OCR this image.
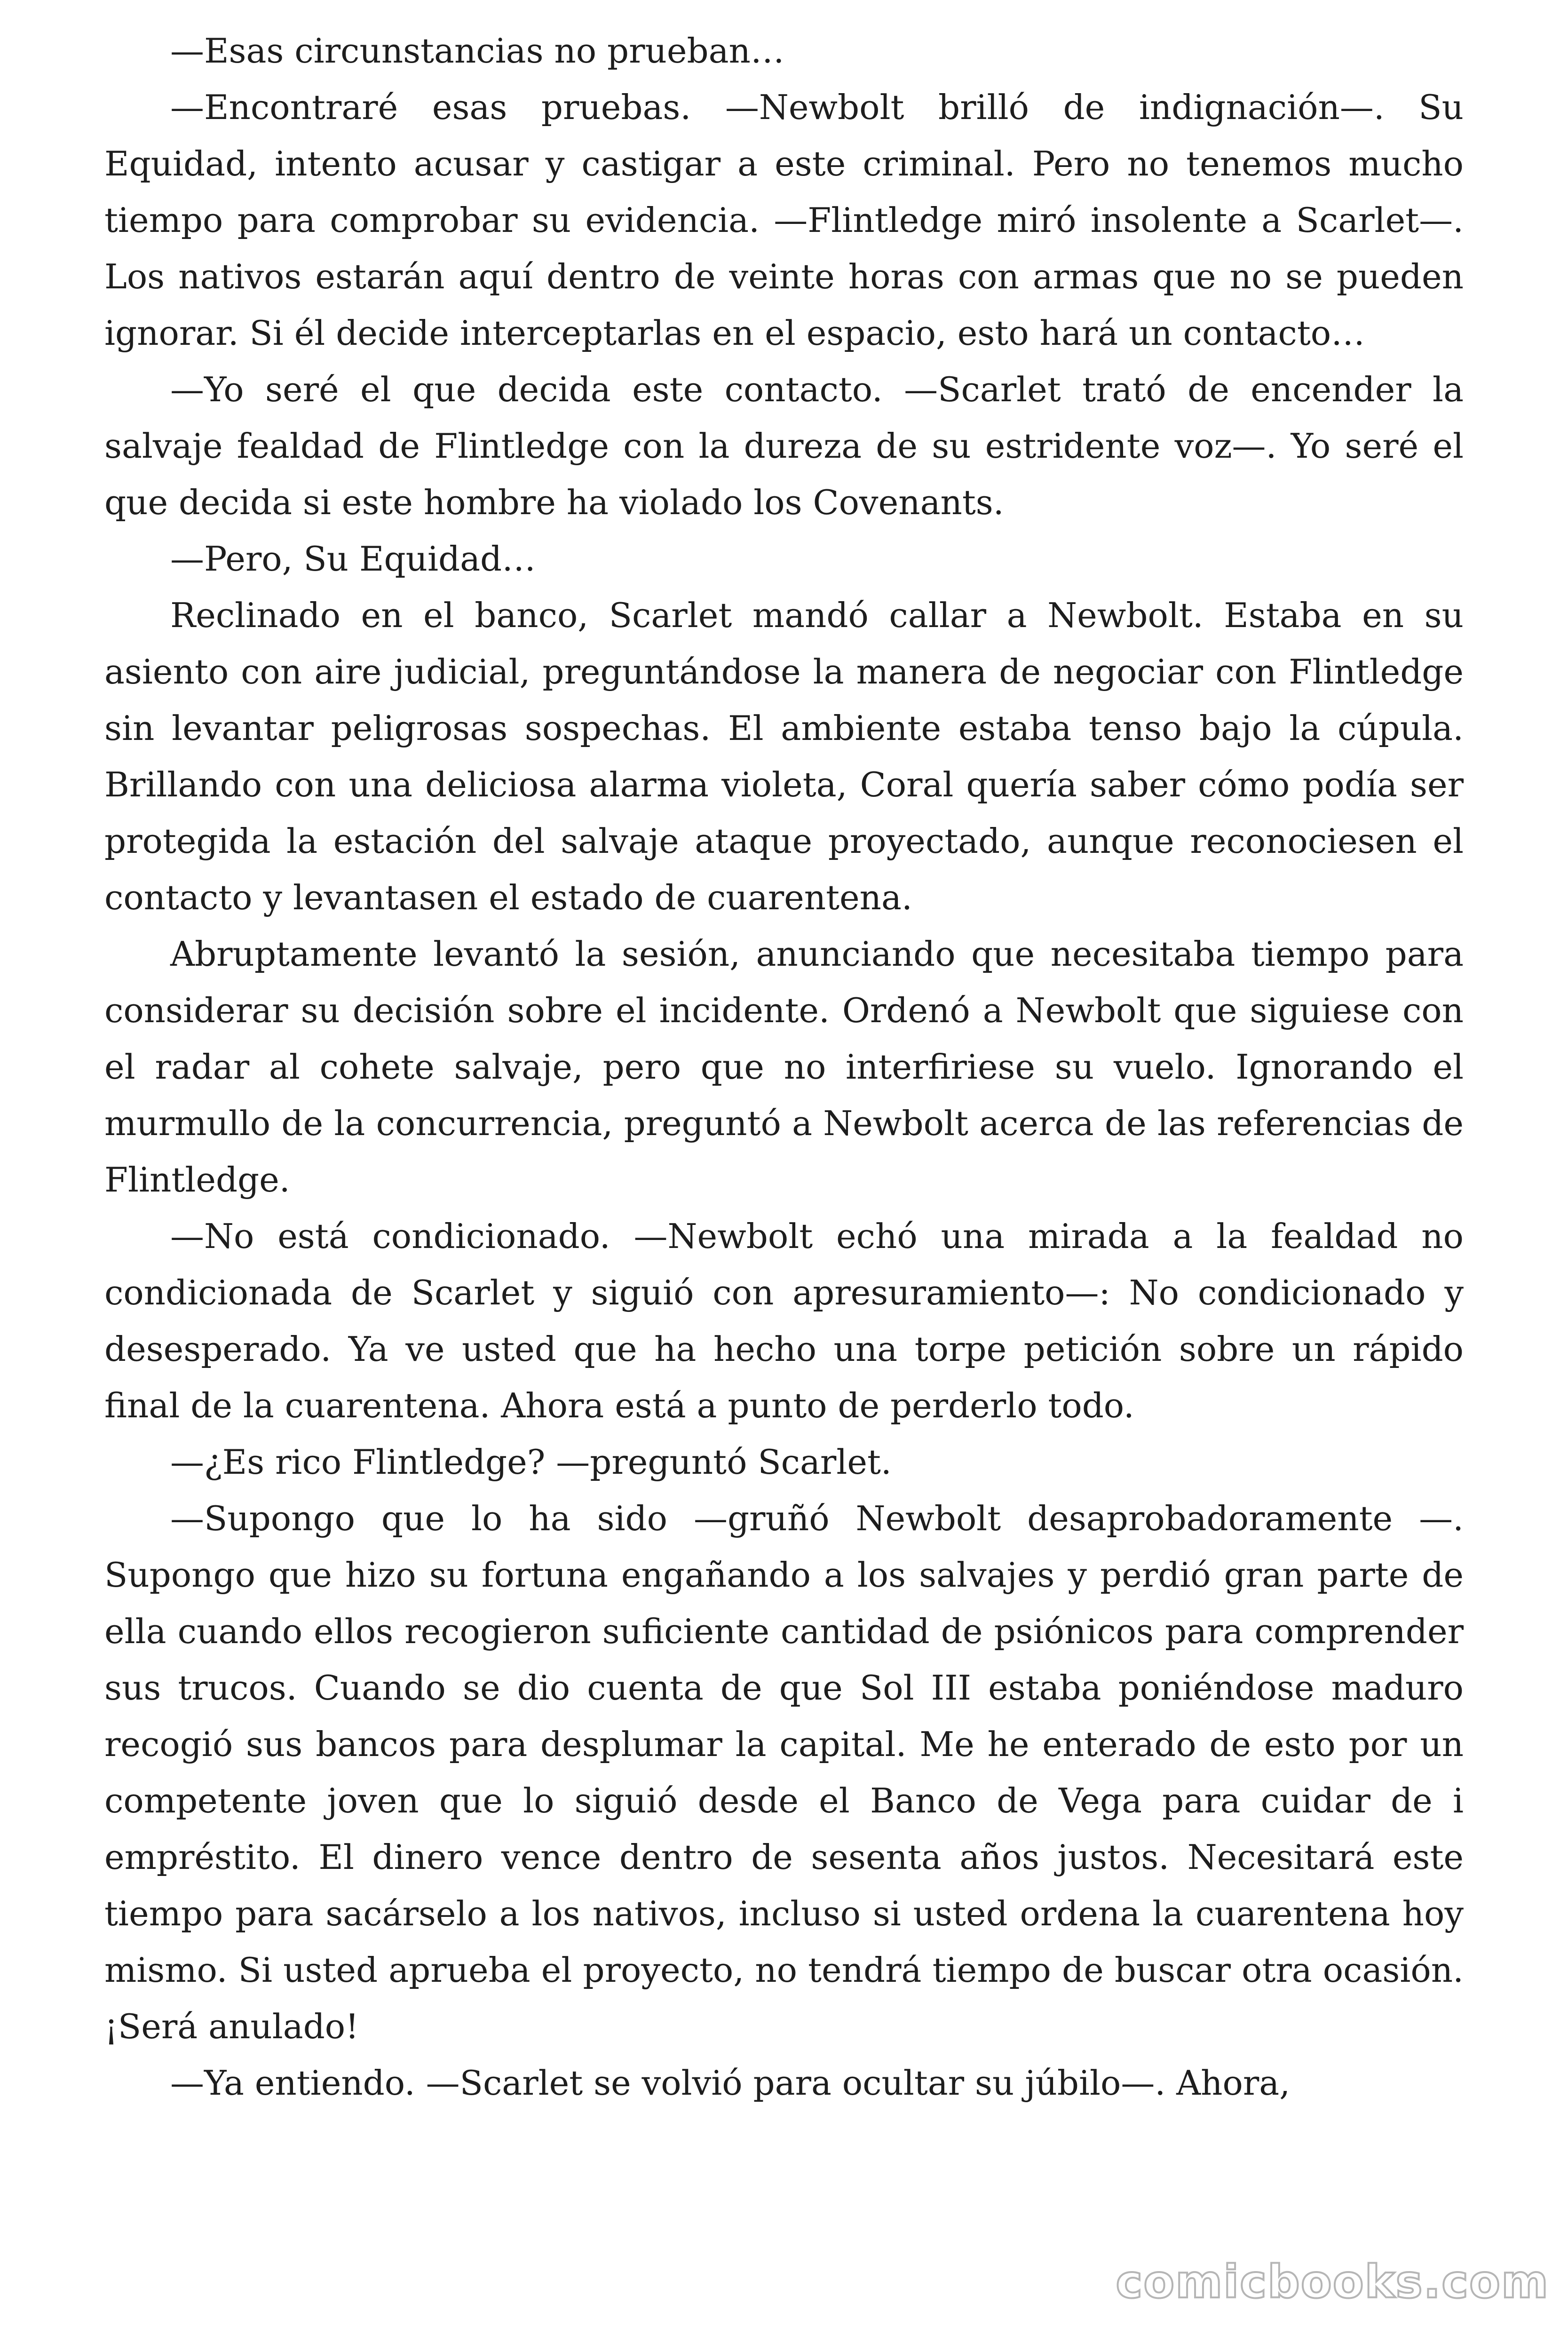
—Esas circunstancias no prueban…

—Encontraré esas pruebas. —Newbolt brilló de indignación—. Su Equidad, intento acusar y castigar a este criminal. Pero no tenemos mucho tiempo para comprobar su evidencia. —Flintledge miró insolente a Scarlet—. Los nativos estarán aquí dentro de veinte horas con armas que no se pueden ignorar. Si él decide interceptarlas en el espacio, esto hará un contacto…

—Yo seré el que decida este contacto. —Scarlet trató de encender la salvaje fealdad de Flintledge con la dureza de su estridente voz—. Yo seré el que decida si este hombre ha violado los Covenants.

—Pero, Su Equidad…

Reclinado en el banco, Scarlet mandó callar a Newbolt. Estaba en su asiento con aire judicial, preguntándose la manera de negociar con Flintledge sin levantar peligrosas sospechas. El ambiente estaba tenso bajo la cúpula. Brillando con una deliciosa alarma violeta, Coral quería saber cómo podía ser protegida la estación del salvaje ataque proyectado, aunque reconociesen el contacto y levantasen el estado de cuarentena.

Abruptamente levantó la sesión, anunciando que necesitaba tiempo para considerar su decisión sobre el incidente. Ordenó a Newbolt que siguiese con el radar al cohete salvaje, pero que no interfiriese su vuelo. Ignorando el murmullo de la concurrencia, preguntó a Newbolt acerca de las referencias de Flintledge.

—No está condicionado. —Newbolt echó una mirada a la fealdad no condicionada de Scarlet y siguió con apresuramiento—: No condicionado y desesperado. Ya ve usted que ha hecho una torpe petición sobre un rápido final de la cuarentena. Ahora está a punto de perderlo todo.

—¿Es rico Flintledge? —preguntó Scarlet.

—Supongo que lo ha sido —gruñó Newbolt desaprobadoramente —. Supongo que hizo su fortuna engañando a los salvajes y perdió gran parte de ella cuando ellos recogieron suficiente cantidad de psiónicos para comprender sus trucos. Cuando se dio cuenta de que Sol III estaba poniéndose maduro recogió sus bancos para desplumar la capital. Me he enterado de esto por un competente joven que lo siguió desde el Banco de Vega para cuidar de i empréstito. El dinero vence dentro de sesenta años justos. Necesitará este tiempo para sacárselo a los nativos, incluso si usted ordena la cuarentena hoy mismo. Si usted aprueba el proyecto, no tendrá tiempo de buscar otra ocasión. ¡Será anulado!

—Ya entiendo. —Scarlet se volvió para ocultar su júbilo—. Ahora,

comicbooks.com
